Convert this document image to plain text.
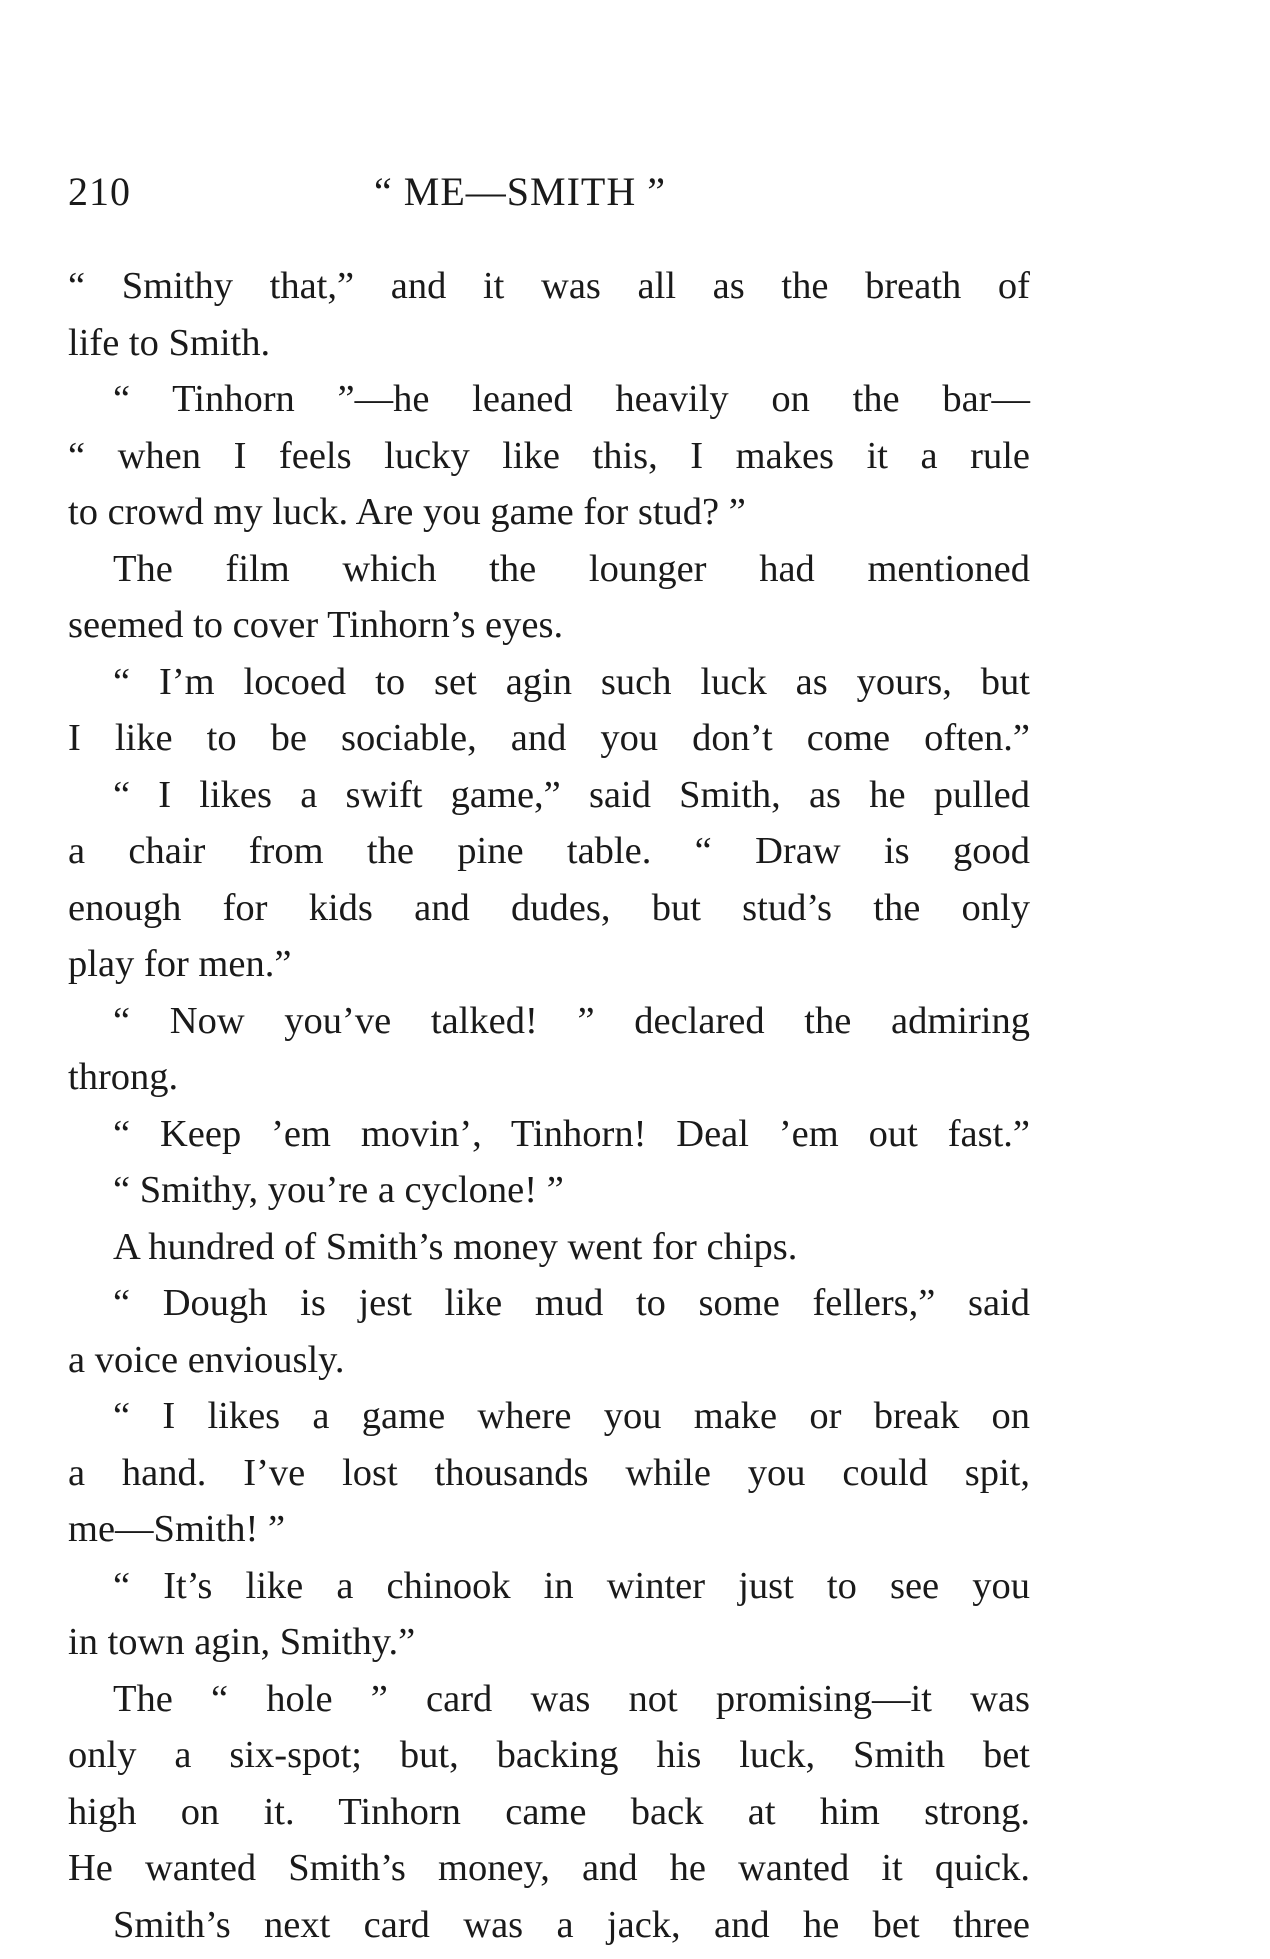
210	“ ME—SMITH ”
“ Smithy that,” and it was all as the breath of
life to Smith.
“ Tinhorn ”—he leaned heavily on the bar—
“ when I feels lucky like this, I makes it a rule
to crowd my luck. Are you game for stud? ”
The film which the lounger had mentioned
seemed to cover Tinhorn’s eyes.
“ I’m locoed to set agin such luck as yours, but
I like to be sociable, and you don’t come often.”
“ I likes a swift game,” said Smith, as he pulled
a chair from the pine table. “ Draw is good
enough for kids and dudes, but stud’s the only
play for men.”
“ Now you’ve talked! ” declared the admiring
throng.
“ Keep ’em movin’, Tinhorn! Deal ’em out fast.”
“ Smithy, you’re a cyclone! ”
A hundred of Smith’s money went for chips.
“ Dough is jest like mud to some fellers,” said
a voice enviously.
“ I likes a game where you make or break on
a hand. I’ve lost thousands while you could spit,
me—Smith! ”
“ It’s like a chinook in winter just to see you
in town agin, Smithy.”
The “ hole ” card was not promising—it was
only a six-spot; but, backing his luck, Smith bet
high on it. Tinhorn came back at him strong.
He wanted Smith’s money, and he wanted it quick.
Smith’s next card was a jack, and he bet three
